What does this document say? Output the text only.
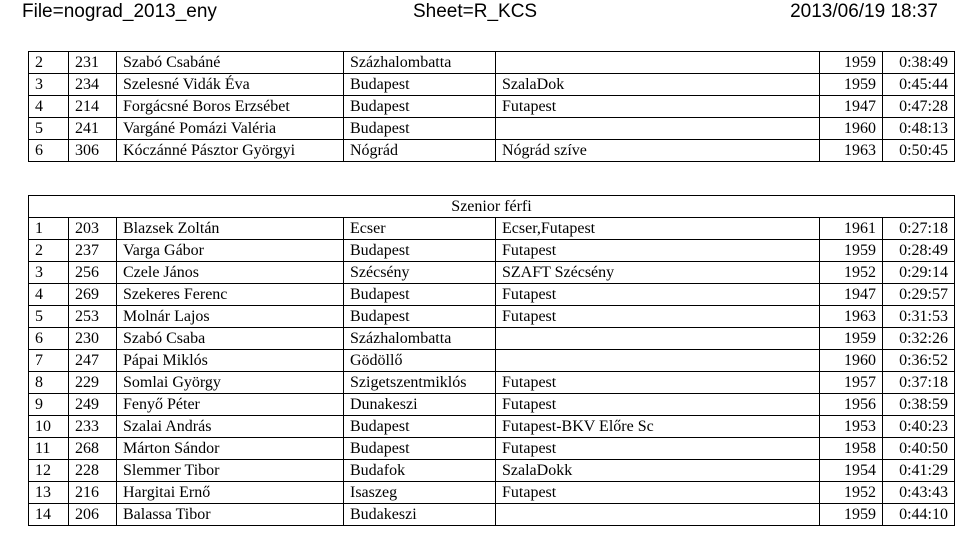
File=nograd_2013_eny	Sheet=R_KCS	2013/06/19 18:37
2	231	Szabó Csabáné	Százhalombatta		1959	0:38:49
3	234	Szelesné Vidák Éva	Budapest	SzalaDok	1959	0:45:44
4	214	Forgácsné Boros Erzsébet	Budapest	Futapest	1947	0:47:28
5	241	Vargáné Pomázi Valéria	Budapest		1960	0:48:13
6	306	Kóczánné Pásztor Györgyi	Nógrád	Nógrád szíve	1963	0:50:45
Szenior férfi						
1	203	Blazsek Zoltán	Ecser	Ecser,Futapest	1961	0:27:18
2	237	Varga Gábor	Budapest	Futapest	1959	0:28:49
3	256	Czele János	Szécsény	SZAFT Szécsény	1952	0:29:14
4	269	Szekeres Ferenc	Budapest	Futapest	1947	0:29:57
5	253	Molnár Lajos	Budapest	Futapest	1963	0:31:53
6	230	Szabó Csaba	Százhalombatta		1959	0:32:26
7	247	Pápai Miklós	Gödöllő		1960	0:36:52
8	229	Somlai György	Szigetszentmiklós	Futapest	1957	0:37:18
9	249	Fenyő Péter	Dunakeszi	Futapest	1956	0:38:59
10	233	Szalai András	Budapest	Futapest-BKV Előre Sc	1953	0:40:23
11	268	Márton Sándor	Budapest	Futapest	1958	0:40:50
12	228	Slemmer Tibor	Budafok	SzalaDokk	1954	0:41:29
13	216	Hargitai Ernő	Isaszeg	Futapest	1952	0:43:43
14	206	Balassa Tibor	Budakeszi		1959	0:44:10
